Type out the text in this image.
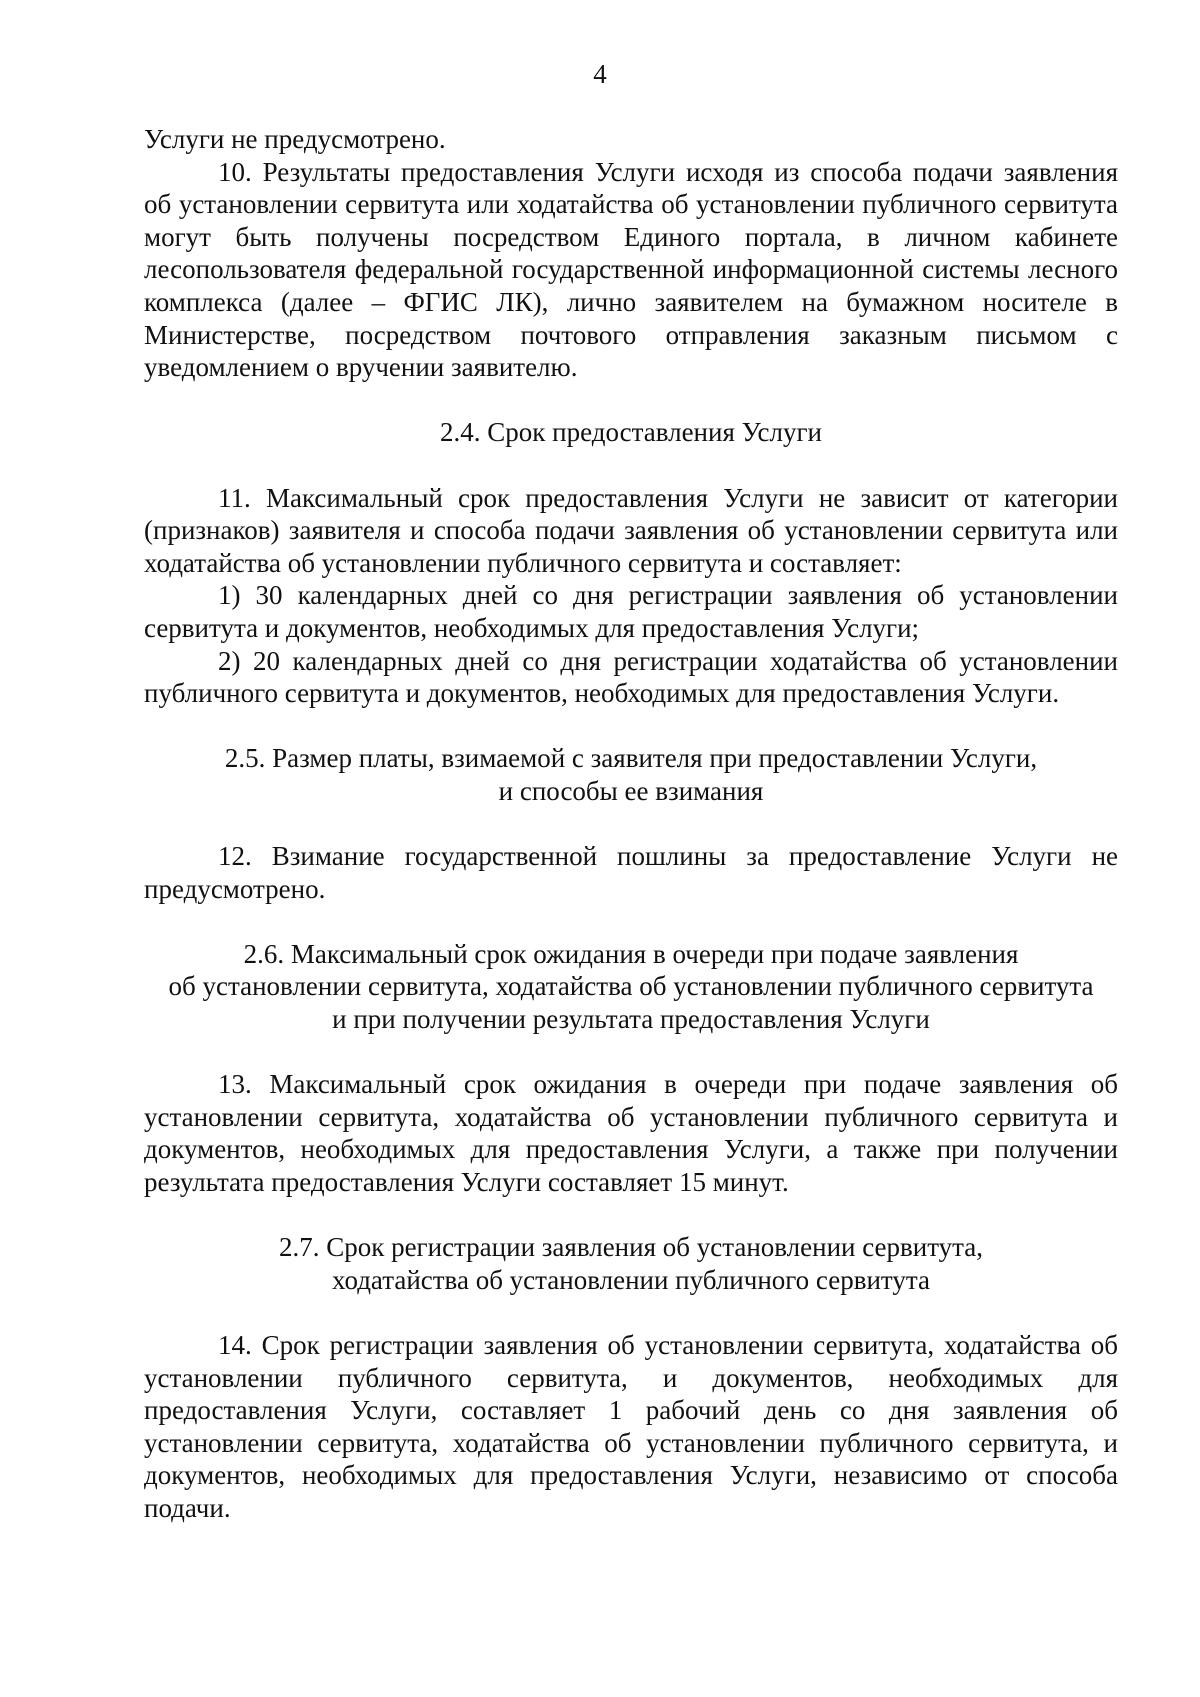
4

Услуги не предусмотрено.

10. Результаты предоставления Услуги исходя из способа подачи заявления об установлении сервитута или ходатайства об установлении публичного сервитута могут быть получены посредством Единого портала, в личном кабинете лесопользователя федеральной государственной информационной системы лесного комплекса (далее – ФГИС ЛК), лично заявителем на бумажном носителе в Министерстве, посредством почтового отправления заказным письмом с уведомлением о вручении заявителю.

2.4. Срок предоставления Услуги

11. Максимальный срок предоставления Услуги не зависит от категории (признаков) заявителя и способа подачи заявления об установлении сервитута или ходатайства об установлении публичного сервитута и составляет:

1) 30 календарных дней со дня регистрации заявления об установлении сервитута и документов, необходимых для предоставления Услуги;

2) 20 календарных дней со дня регистрации ходатайства об установлении публичного сервитута и документов, необходимых для предоставления Услуги.

2.5. Размер платы, взимаемой с заявителя при предоставлении Услуги,

и способы ее взимания

12. Взимание государственной пошлины за предоставление Услуги не предусмотрено.

2.6. Максимальный срок ожидания в очереди при подаче заявления

об установлении сервитута, ходатайства об установлении публичного сервитута

и при получении результата предоставления Услуги

13. Максимальный срок ожидания в очереди при подаче заявления об установлении сервитута, ходатайства об установлении публичного сервитута и документов, необходимых для предоставления Услуги, а также при получении результата предоставления Услуги составляет 15 минут.

2.7. Срок регистрации заявления об установлении сервитута,

ходатайства об установлении публичного сервитута

14. Срок регистрации заявления об установлении сервитута, ходатайства об установлении публичного сервитута, и документов, необходимых для предоставления Услуги, составляет 1 рабочий день со дня заявления об установлении сервитута, ходатайства об установлении публичного сервитута, и документов, необходимых для предоставления Услуги, независимо от способа подачи.
